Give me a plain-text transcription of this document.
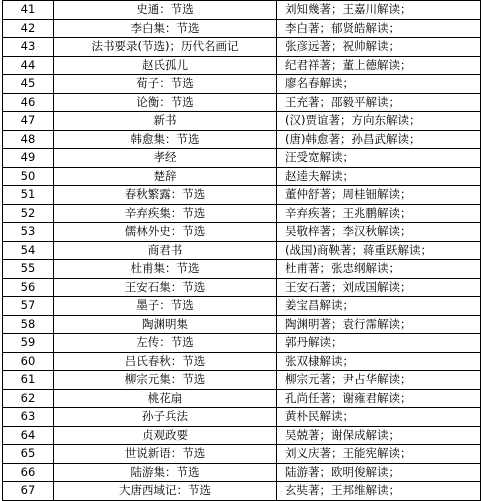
41	史通：节选	刘知幾著；王嘉川解读；
42	李白集：节选	李白著；郁贤皓解读；
43	法书要录(节选)；历代名画记	张彦远著；祝帅解读；
44	赵氏孤儿	纪君祥著；董上德解读；
45	荀子：节选	廖名春解读；
46	论衡：节选	王充著；邵毅平解读；
47	新书	(汉)贾谊著；方向东解读；
48	韩愈集：节选	(唐)韩愈著；孙昌武解读；
49	孝经	汪受宽解读；
50	楚辞	赵逵夫解读；
51	春秋繁露：节选	董仲舒著；周桂钿解读；
52	辛弃疾集：节选	辛弃疾著；王兆鹏解读；
53	儒林外史：节选	吴敬梓著；李汉秋解读；
54	商君书	(战国)商鞅著；蒋重跃解读；
55	杜甫集：节选	杜甫著；张忠纲解读；
56	王安石集：节选	王安石著；刘成国解读；
57	墨子：节选	姜宝昌解读；
58	陶渊明集	陶渊明著；袁行霈解读；
59	左传：节选	郭丹解读；
60	吕氏春秋：节选	张双棣解读；
61	柳宗元集：节选	柳宗元著；尹占华解读；
62	桃花扇	孔尚任著；谢雍君解读；
63	孙子兵法	黄朴民解读；
64	贞观政要	吴兢著；谢保成解读；
65	世说新语：节选	刘义庆著；王能宪解读；
66	陆游集：节选	陆游著；欧明俊解读；
67	大唐西域记：节选	玄奘著；王邦维解读；
